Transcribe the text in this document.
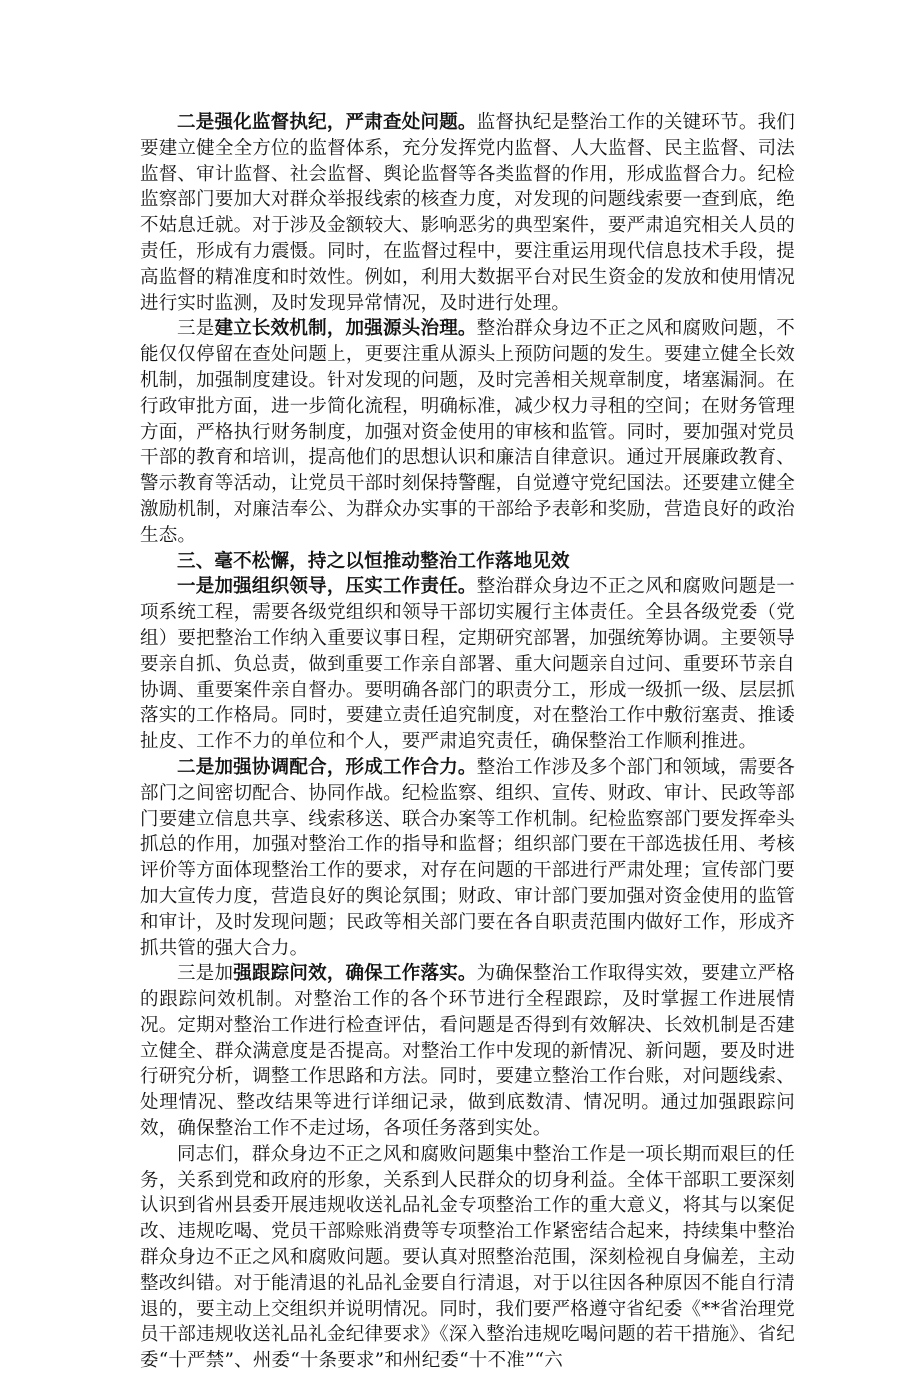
二是强化监督执纪，严肃查处问题。监督执纪是整治工作的关键环节。我们要建立健全全方位的监督体系，充分发挥党内监督、人大监督、民主监督、司法监督、审计监督、社会监督、舆论监督等各类监督的作用，形成监督合力。纪检监察部门要加大对群众举报线索的核查力度，对发现的问题线索要一查到底，绝不姑息迁就。对于涉及金额较大、影响恶劣的典型案件，要严肃追究相关人员的责任，形成有力震慑。同时，在监督过程中，要注重运用现代信息技术手段，提高监督的精准度和时效性。例如，利用大数据平台对民生资金的发放和使用情况进行实时监测，及时发现异常情况，及时进行处理。

三是建立长效机制，加强源头治理。整治群众身边不正之风和腐败问题，不能仅仅停留在查处问题上，更要注重从源头上预防问题的发生。要建立健全长效机制，加强制度建设。针对发现的问题，及时完善相关规章制度，堵塞漏洞。在行政审批方面，进一步简化流程，明确标准，减少权力寻租的空间；在财务管理方面，严格执行财务制度，加强对资金使用的审核和监管。同时，要加强对党员干部的教育和培训，提高他们的思想认识和廉洁自律意识。通过开展廉政教育、警示教育等活动，让党员干部时刻保持警醒，自觉遵守党纪国法。还要建立健全激励机制，对廉洁奉公、为群众办实事的干部给予表彰和奖励，营造良好的政治生态。

三、毫不松懈，持之以恒推动整治工作落地见效

一是加强组织领导，压实工作责任。整治群众身边不正之风和腐败问题是一项系统工程，需要各级党组织和领导干部切实履行主体责任。全县各级党委（党组）要把整治工作纳入重要议事日程，定期研究部署，加强统筹协调。主要领导要亲自抓、负总责，做到重要工作亲自部署、重大问题亲自过问、重要环节亲自协调、重要案件亲自督办。要明确各部门的职责分工，形成一级抓一级、层层抓落实的工作格局。同时，要建立责任追究制度，对在整治工作中敷衍塞责、推诿扯皮、工作不力的单位和个人，要严肃追究责任，确保整治工作顺利推进。

二是加强协调配合，形成工作合力。整治工作涉及多个部门和领域，需要各部门之间密切配合、协同作战。纪检监察、组织、宣传、财政、审计、民政等部门要建立信息共享、线索移送、联合办案等工作机制。纪检监察部门要发挥牵头抓总的作用，加强对整治工作的指导和监督；组织部门要在干部选拔任用、考核评价等方面体现整治工作的要求，对存在问题的干部进行严肃处理；宣传部门要加大宣传力度，营造良好的舆论氛围；财政、审计部门要加强对资金使用的监管和审计，及时发现问题；民政等相关部门要在各自职责范围内做好工作，形成齐抓共管的强大合力。

三是加强跟踪问效，确保工作落实。为确保整治工作取得实效，要建立严格的跟踪问效机制。对整治工作的各个环节进行全程跟踪，及时掌握工作进展情况。定期对整治工作进行检查评估，看问题是否得到有效解决、长效机制是否建立健全、群众满意度是否提高。对整治工作中发现的新情况、新问题，要及时进行研究分析，调整工作思路和方法。同时，要建立整治工作台账，对问题线索、处理情况、整改结果等进行详细记录，做到底数清、情况明。通过加强跟踪问效，确保整治工作不走过场，各项任务落到实处。

同志们，群众身边不正之风和腐败问题集中整治工作是一项长期而艰巨的任务，关系到党和政府的形象，关系到人民群众的切身利益。全体干部职工要深刻认识到省州县委开展违规收送礼品礼金专项整治工作的重大意义，将其与以案促改、违规吃喝、党员干部赊账消费等专项整治工作紧密结合起来，持续集中整治群众身边不正之风和腐败问题。要认真对照整治范围，深刻检视自身偏差，主动整改纠错。对于能清退的礼品礼金要自行清退，对于以往因各种原因不能自行清退的，要主动上交组织并说明情况。同时，我们要严格遵守省纪委《**省治理党员干部违规收送礼品礼金纪律要求》《深入整治违规吃喝问题的若干措施》、省纪委“十严禁”、州委“十条要求”和州纪委“十不准”“六
